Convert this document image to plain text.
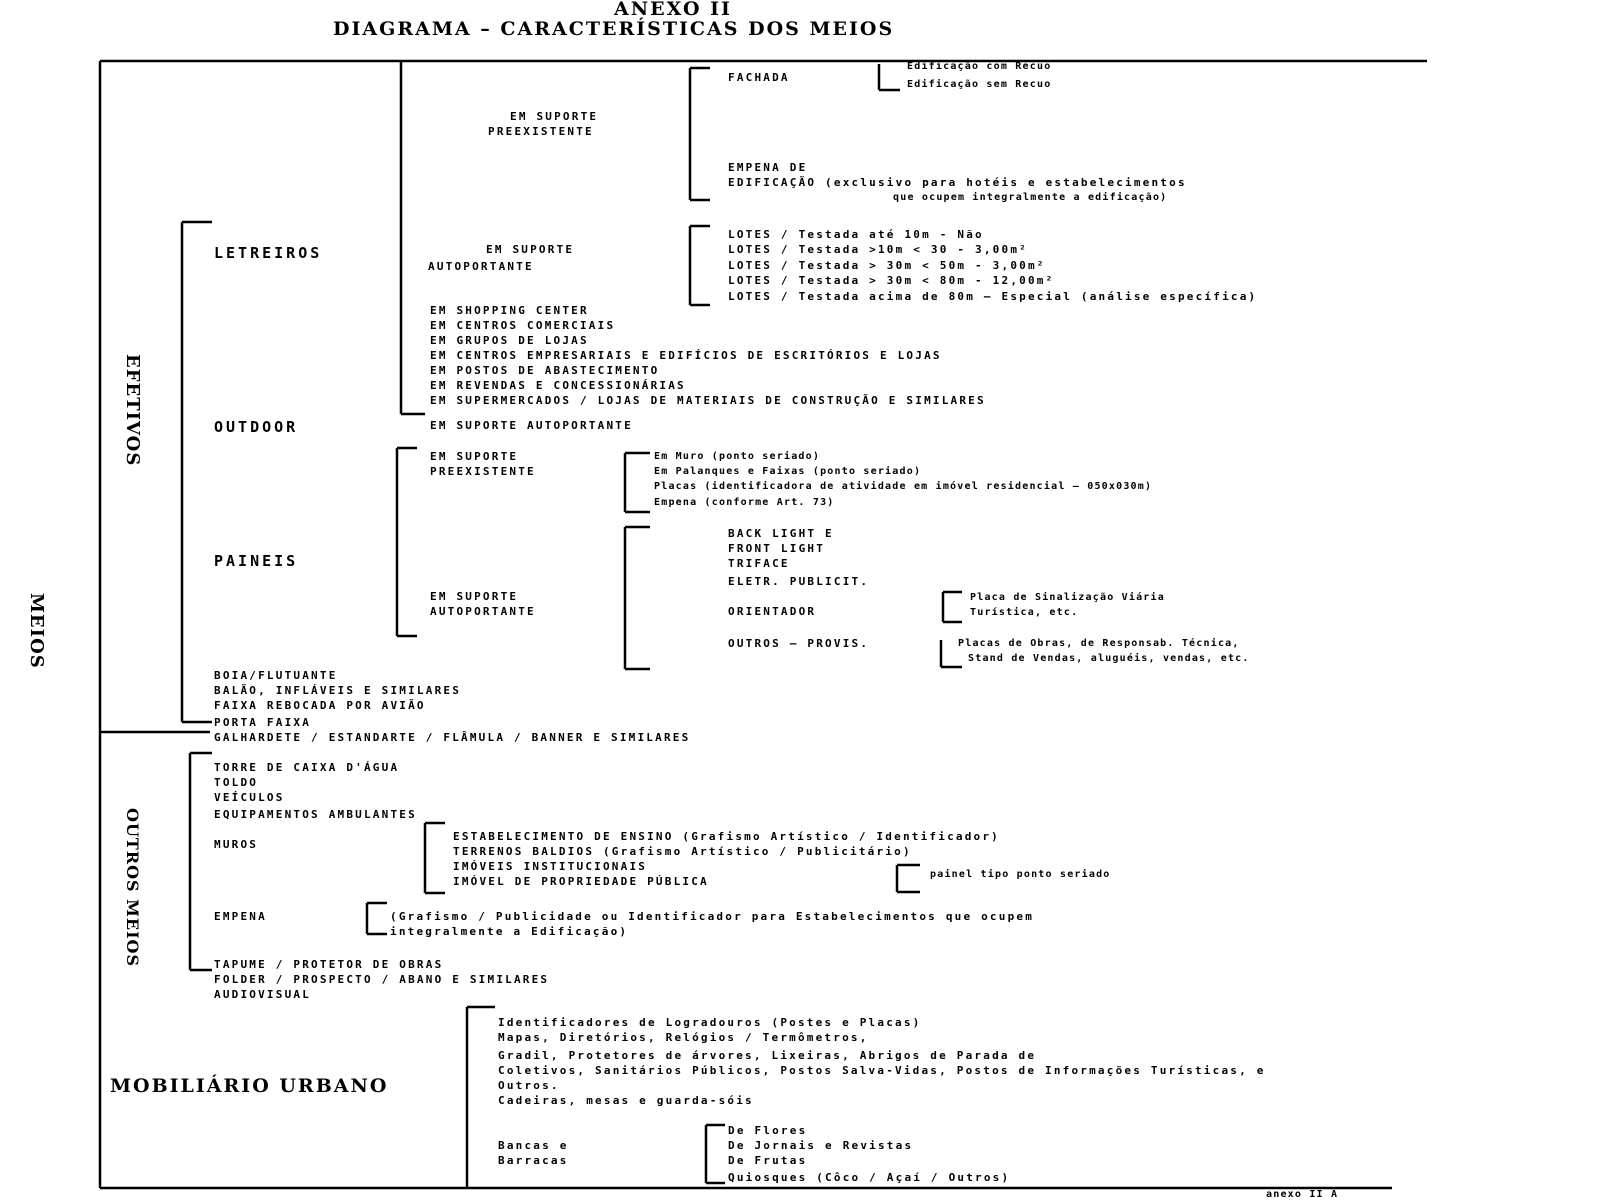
ANEXO II
DIAGRAMA – CARACTERÍSTICAS DOS MEIOS
MEIOS
EFETIVOS
OUTROS MEIOS
LETREIROS
EM SUPORTE
PREEXISTENTE
FACHADA
Edificação com Recuo
Edificação sem Recuo
EMPENA DE
EDIFICAÇÃO (exclusivo para hotéis e estabelecimentos
que ocupem integralmente a edificação)
EM SUPORTE
AUTOPORTANTE
LOTES / Testada até 10m - Não
LOTES / Testada >10m < 30 - 3,00m²
LOTES / Testada > 30m < 50m - 3,00m²
LOTES / Testada > 30m < 80m - 12,00m²
LOTES / Testada acima de 80m – Especial (análise específica)
EM SHOPPING CENTER
EM CENTROS COMERCIAIS
EM GRUPOS DE LOJAS
EM CENTROS EMPRESARIAIS E EDIFÍCIOS DE ESCRITÓRIOS E LOJAS
EM POSTOS DE ABASTECIMENTO
EM REVENDAS E CONCESSIONÁRIAS
EM SUPERMERCADOS / LOJAS DE MATERIAIS DE CONSTRUÇÃO E SIMILARES
OUTDOOR	EM SUPORTE AUTOPORTANTE
PAINEIS
EM SUPORTE
PREEXISTENTE
Em Muro (ponto seriado)
Em Palanques e Faixas (ponto seriado)
Placas (identificadora de atividade em imóvel residencial – 050x030m)
Empena (conforme Art. 73)
BACK LIGHT E
FRONT LIGHT
TRIFACE
ELETR. PUBLICIT.
EM SUPORTE
AUTOPORTANTE	ORIENTADOR
Placa de Sinalização Viária
Turística, etc.
OUTROS – PROVIS.	Placas de Obras, de Responsab. Técnica,
Stand de Vendas, aluguéis, vendas, etc.
BOIA/FLUTUANTE
BALÃO, INFLÁVEIS E SIMILARES
FAIXA REBOCADA POR AVIÃO
PORTA FAIXA
GALHARDETE / ESTANDARTE / FLÂMULA / BANNER E SIMILARES
TORRE DE CAIXA D'ÁGUA
TOLDO
VEÍCULOS
EQUIPAMENTOS AMBULANTES
MUROS
ESTABELECIMENTO DE ENSINO (Grafismo Artístico / Identificador)
TERRENOS BALDIOS (Grafismo Artístico / Publicitário)
IMÓVEIS INSTITUCIONAIS
IMÓVEL DE PROPRIEDADE PÚBLICA
painel tipo ponto seriado
EMPENA	(Grafismo / Publicidade ou Identificador para Estabelecimentos que ocupem
integralmente a Edificação)
TAPUME / PROTETOR DE OBRAS
FOLDER / PROSPECTO / ABANO E SIMILARES
AUDIOVISUAL
MOBILIÁRIO URBANO
Identificadores de Logradouros (Postes e Placas)
Mapas, Diretórios, Relógios / Termômetros,
Gradil, Protetores de árvores, Lixeiras, Abrigos de Parada de
Coletivos, Sanitários Públicos, Postos Salva-Vidas, Postos de Informações Turísticas, e
Outros.
Cadeiras, mesas e guarda-sóis
Bancas e
Barracas
De Flores
De Jornais e Revistas
De Frutas
Quiosques (Côco / Açaí / Outros)
anexo II A
